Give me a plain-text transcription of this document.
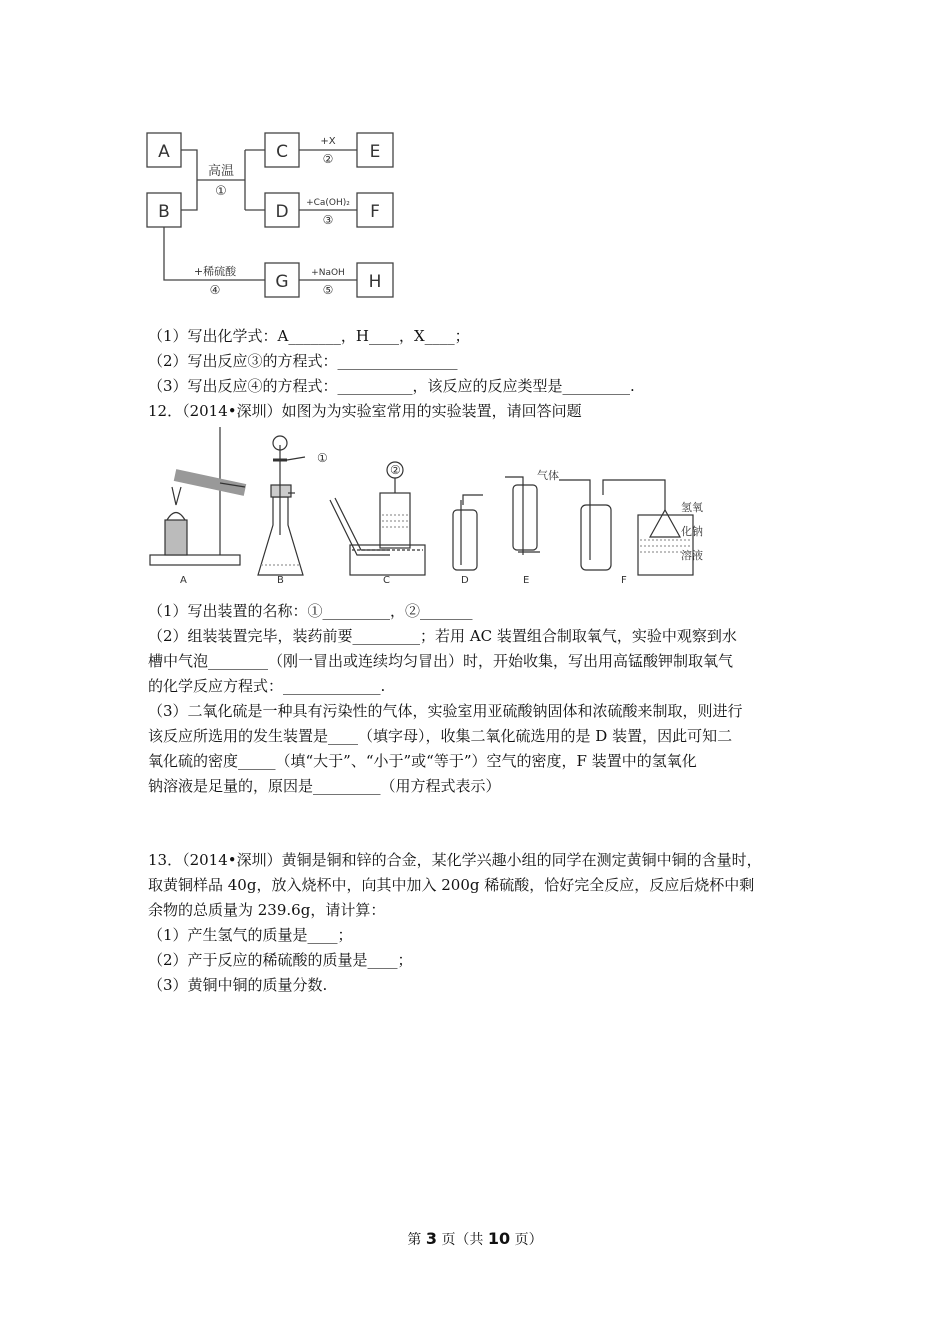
A
B
C
D
E
F
G	H
高温
①
+X
②
+Ca(OH)₂
③
+稀硫酸
④
+NaOH
⑤
（1）写出化学式：A_______，H____，X____；
（2）写出反应③的方程式：________________
（3）写出反应④的方程式：__________，该反应的反应类型是_________.
12．（2014•深圳）如图为为实验室常用的实验装置，请回答问题
①
②	气体
氢氧
化钠
溶液
A	B	C	D	E	F
（1）写出装置的名称：①_________，②_______
（2）组装装置完毕，装药前要_________；若用 AC 装置组合制取氧气，实验中观察到水
槽中气泡________（刚一冒出或连续均匀冒出）时，开始收集，写出用高锰酸钾制取氧气
的化学反应方程式：_____________.
（3）二氧化硫是一种具有污染性的气体，实验室用亚硫酸钠固体和浓硫酸来制取，则进行
该反应所选用的发生装置是____（填字母），收集二氧化硫选用的是 D 装置，因此可知二
氧化硫的密度_____（填“大于”、“小于”或“等于”）空气的密度，F 装置中的氢氧化
钠溶液是足量的，原因是_________（用方程式表示）
13．（2014•深圳）黄铜是铜和锌的合金，某化学兴趣小组的同学在测定黄铜中铜的含量时，
取黄铜样品 40g，放入烧杯中，向其中加入 200g 稀硫酸，恰好完全反应，反应后烧杯中剩
余物的总质量为 239.6g，请计算：
（1）产生氢气的质量是____；
（2）产于反应的稀硫酸的质量是____；
（3）黄铜中铜的质量分数.
第 3 页（共 10 页）
